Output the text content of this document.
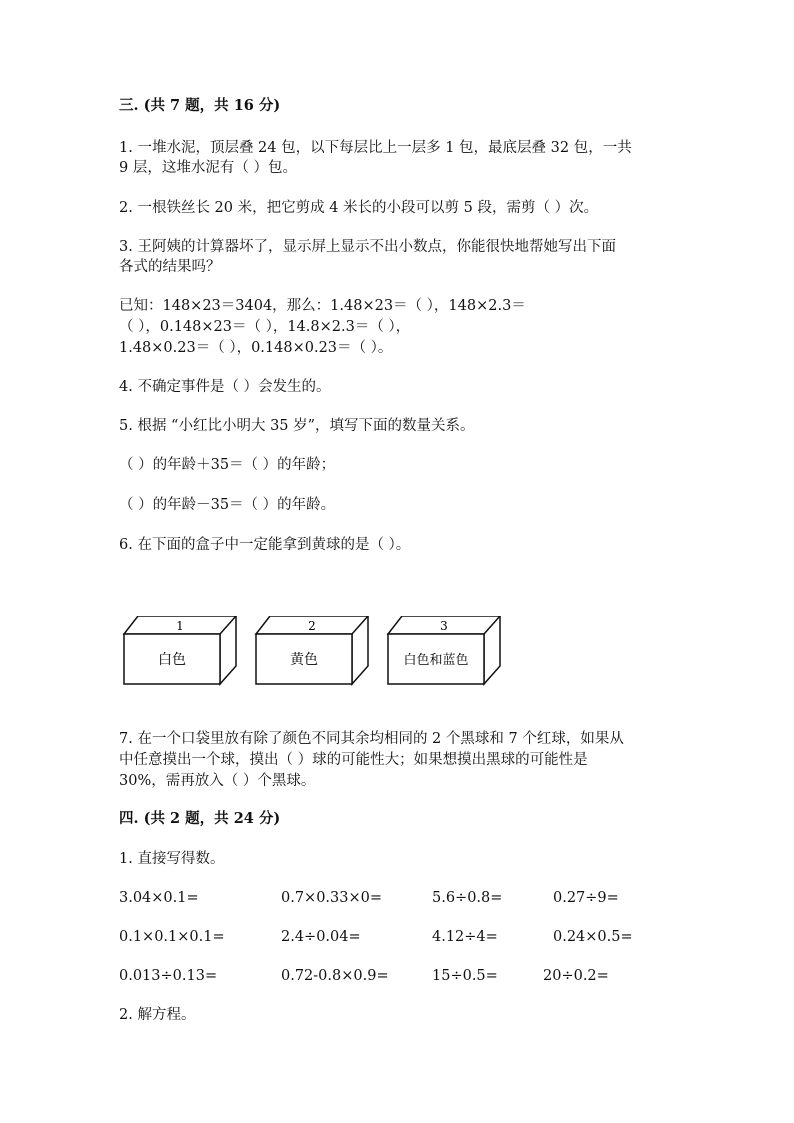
三. (共 7 题，共 16 分)
1. 一堆水泥，顶层叠 24 包，以下每层比上一层多 1 包，最底层叠 32 包，一共
9 层，这堆水泥有（ ）包。
2. 一根铁丝长 20 米，把它剪成 4 米长的小段可以剪 5 段，需剪（ ）次。
3. 王阿姨的计算器坏了，显示屏上显示不出小数点，你能很快地帮她写出下面
各式的结果吗？
已知：148×23＝3404，那么：1.48×23＝（ ），148×2.3＝
（ ），0.148×23＝（ ），14.8×2.3＝（ ），
1.48×0.23＝（ ），0.148×0.23＝（ ）。
4. 不确定事件是（ ）会发生的。
5. 根据 “小红比小明大 35 岁”，填写下面的数量关系。
（ ）的年龄＋35＝（ ）的年龄；
（ ）的年龄－35＝（ ）的年龄。
6. 在下面的盒子中一定能拿到黄球的是（ ）。
1
白色
2
黄色
3
白色和蓝色
7. 在一个口袋里放有除了颜色不同其余均相同的 2 个黑球和 7 个红球，如果从
中任意摸出一个球，摸出（ ）球的可能性大；如果想摸出黑球的可能性是
30%，需再放入（ ）个黑球。
四. (共 2 题，共 24 分)
1. 直接写得数。
3.04×0.1=	0.7×0.33×0=	5.6÷0.8=	0.27÷9=
0.1×0.1×0.1=	2.4÷0.04=	4.12÷4=	0.24×0.5=
0.013÷0.13=	0.72-0.8×0.9=	15÷0.5=	20÷0.2=
2. 解方程。
